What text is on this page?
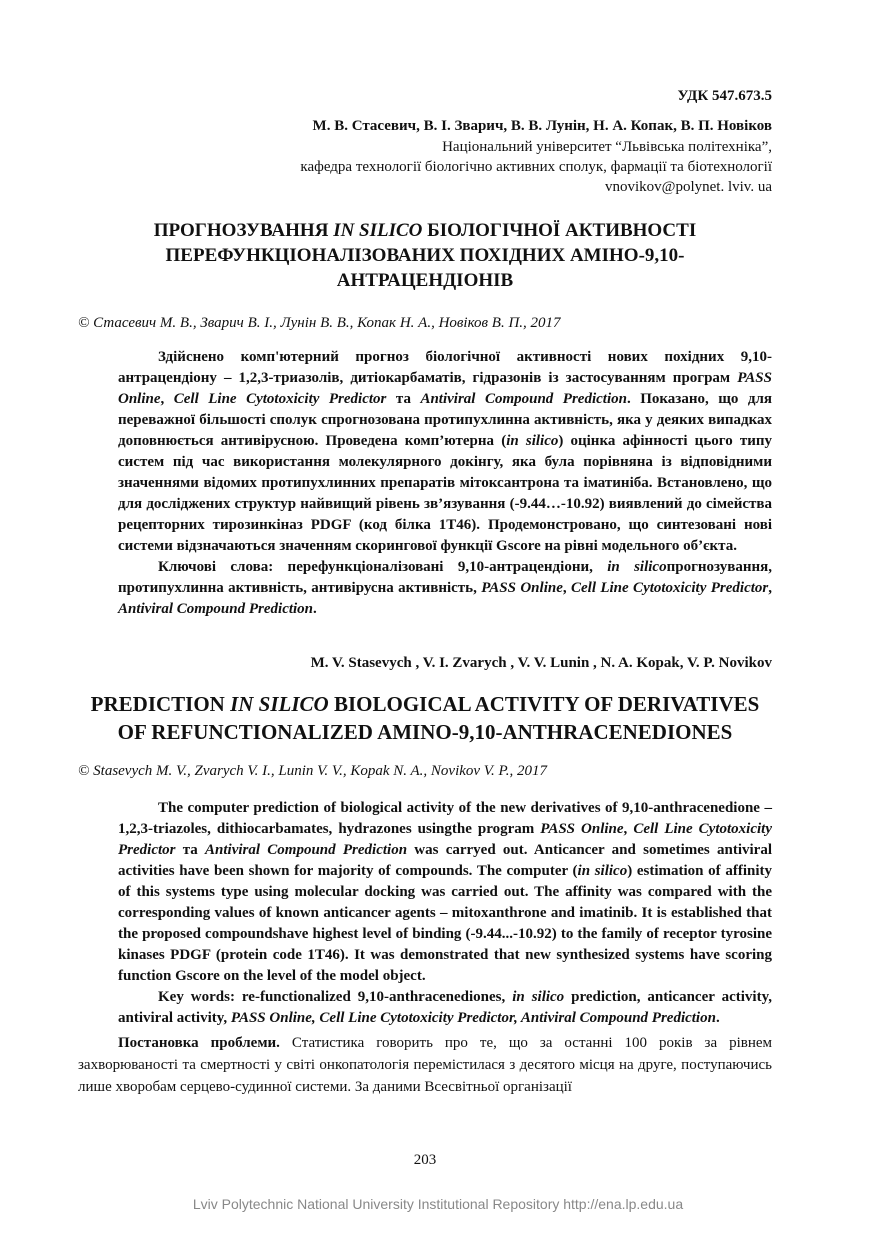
УДК 547.673.5
М. В. Стасевич, В. І. Зварич, В. В. Лунін, Н. А. Копак, В. П. Новіков
Національний університет “Львівська політехніка”,
кафедра технології біологічно активних сполук, фармації та біотехнології
vnovikov@polynet. lviv. ua
ПРОГНОЗУВАННЯ IN SILICO БІОЛОГІЧНОЇ АКТИВНОСТІ ПЕРЕФУНКЦІОНАЛІЗОВАНИХ ПОХІДНИХ АМІНО-9,10-АНТРАЦЕНДІОНІВ
© Стасевич М. В., Зварич В. І., Лунін В. В., Копак Н. А., Новіков В. П., 2017

Здійснено комп'ютерний прогноз біологічної активності нових похідних 9,10-антрацендіону – 1,2,3-триазолів, дитіокарбаматів, гідразонів із застосуванням програм PASS Online, Cell Line Cytotoxicity Predictor та Antiviral Compound Prediction. Показано, що для переважної більшості сполук спрогнозована протипухлинна активність, яка у деяких випадках доповнюється антивірусною. Проведена комп’ютерна (in silico) оцінка афінності цього типу систем під час використання молекулярного докінгу, яка була порівняна із відповідними значеннями відомих протипухлинних препаратів мітоксантрона та іматиніба. Встановлено, що для досліджених структур найвищий рівень зв’язування (-9.44…-10.92) виявлений до сімейства рецепторних тирозинкіназ PDGF (код білка 1T46). Продемонстровано, що синтезовані нові системи відзначаються значенням скорингової функції Gscore на рівні модельного об’єкта.

Ключові слова: перефункціоналізовані 9,10-антрацендіони, in silicoпрогнозування, протипухлинна активність, антивірусна активність, PASS Online, Cell Line Cytotoxicity Predictor, Antiviral Compound Prediction.

M. V. Stasevych , V. I. Zvarych , V. V. Lunin , N. A. Kopak, V. P. Novikov
PREDICTION IN SILICO BIOLOGICAL ACTIVITY OF DERIVATIVES OF REFUNCTIONALIZED AMINO-9,10-ANTHRACENEDIONES
© Stasevych M. V., Zvarych V. I., Lunin V. V., Kopak N. A., Novikov V. P., 2017

The computer prediction of biological activity of the new derivatives of 9,10-anthracenedione – 1,2,3-triazoles, dithiocarbamates, hydrazones usingthe program PASS Online, Cell Line Cytotoxicity Predictor та Antiviral Compound Prediction was carryed out. Anticancer and sometimes antiviral activities have been shown for majority of compounds. The computer (in silico) estimation of affinity of this systems type using molecular docking was carried out. The affinity was compared with the corresponding values of known anticancer agents – mitoxanthrone and imatinib. It is established that the proposed compoundshave highest level of binding (-9.44...-10.92) to the family of receptor tyrosine kinases PDGF (protein code 1T46). It was demonstrated that new synthesized systems have scoring function Gscore on the level of the model object.

Key words: re-functionalized 9,10-anthracenediones, in silico prediction, anticancer activity, antiviral activity, PASS Online, Cell Line Cytotoxicity Predictor, Antiviral Compound Prediction.

Постановка проблеми. Статистика говорить про те, що за останні 100 років за рівнем захворюваності та смертності у світі онкопатологія перемістилася з десятого місця на друге, поступаючись лише хворобам серцево-судинної системи. За даними Всесвітньої організації
203
Lviv Polytechnic National University Institutional Repository http://ena.lp.edu.ua
